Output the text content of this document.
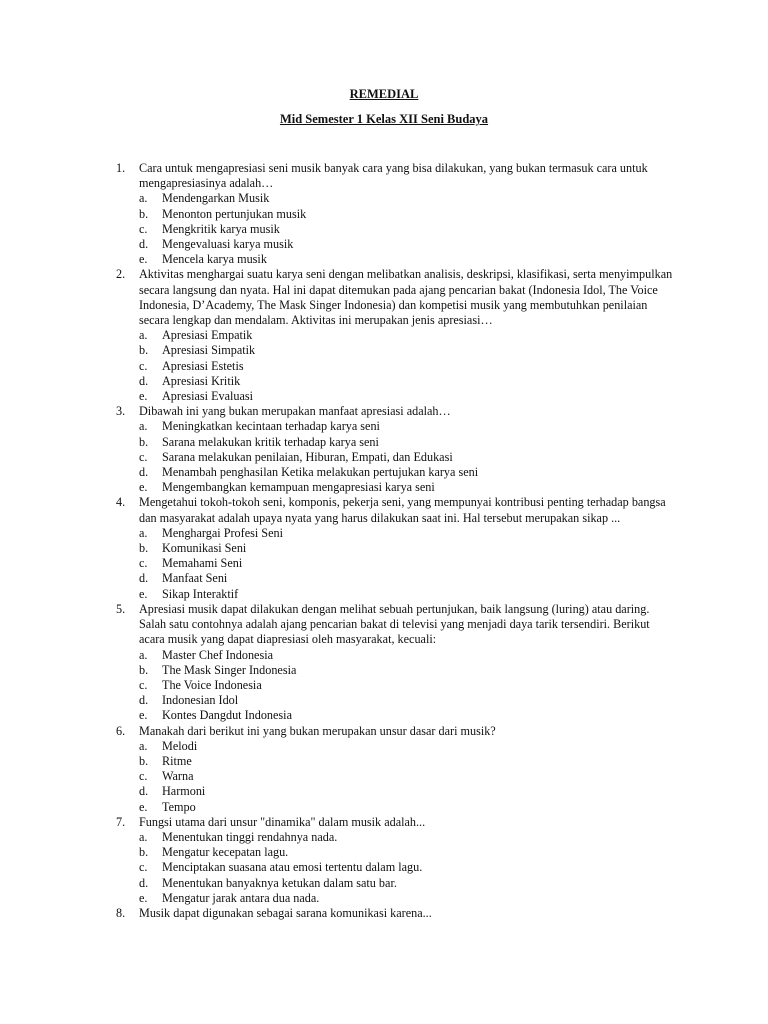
REMEDIAL
Mid Semester 1 Kelas XII Seni Budaya
1.	Cara untuk mengapresiasi seni musik banyak cara yang bisa dilakukan, yang bukan termasuk cara untuk mengapresiasinya adalah…
a. Mendengarkan Musik
b. Menonton pertunjukan musik
c. Mengkritik karya musik
d. Mengevaluasi karya musik
e. Mencela karya musik
2.	Aktivitas menghargai suatu karya seni dengan melibatkan analisis, deskripsi, klasifikasi, serta menyimpulkan secara langsung dan nyata. Hal ini dapat ditemukan pada ajang pencarian bakat (Indonesia Idol, The Voice Indonesia, D’Academy, The Mask Singer Indonesia) dan kompetisi musik yang membutuhkan penilaian secara lengkap dan mendalam. Aktivitas ini merupakan jenis apresiasi…
a. Apresiasi Empatik
b. Apresiasi Simpatik
c. Apresiasi Estetis
d. Apresiasi Kritik
e. Apresiasi Evaluasi
3.	Dibawah ini yang bukan merupakan manfaat apresiasi adalah…
a. Meningkatkan kecintaan terhadap karya seni
b. Sarana melakukan kritik terhadap karya seni
c. Sarana melakukan penilaian, Hiburan, Empati, dan Edukasi
d. Menambah penghasilan Ketika melakukan pertujukan karya seni
e. Mengembangkan kemampuan mengapresiasi karya seni
4.	Mengetahui tokoh-tokoh seni, komponis, pekerja seni, yang mempunyai kontribusi penting terhadap bangsa dan masyarakat adalah upaya nyata yang harus dilakukan saat ini. Hal tersebut merupakan sikap ...
a. Menghargai Profesi Seni
b. Komunikasi Seni
c. Memahami Seni
d. Manfaat Seni
e. Sikap Interaktif
5.	Apresiasi musik dapat dilakukan dengan melihat sebuah pertunjukan, baik langsung (luring) atau daring. Salah satu contohnya adalah ajang pencarian bakat di televisi yang menjadi daya tarik tersendiri. Berikut acara musik yang dapat diapresiasi oleh masyarakat, kecuali:
a. Master Chef Indonesia
b. The Mask Singer Indonesia
c. The Voice Indonesia
d. Indonesian Idol
e. Kontes Dangdut Indonesia
6.	Manakah dari berikut ini yang bukan merupakan unsur dasar dari musik?
a. Melodi
b. Ritme
c. Warna
d. Harmoni
e. Tempo
7.	Fungsi utama dari unsur "dinamika" dalam musik adalah...
a. Menentukan tinggi rendahnya nada.
b. Mengatur kecepatan lagu.
c. Menciptakan suasana atau emosi tertentu dalam lagu.
d. Menentukan banyaknya ketukan dalam satu bar.
e. Mengatur jarak antara dua nada.
8.	Musik dapat digunakan sebagai sarana komunikasi karena...
